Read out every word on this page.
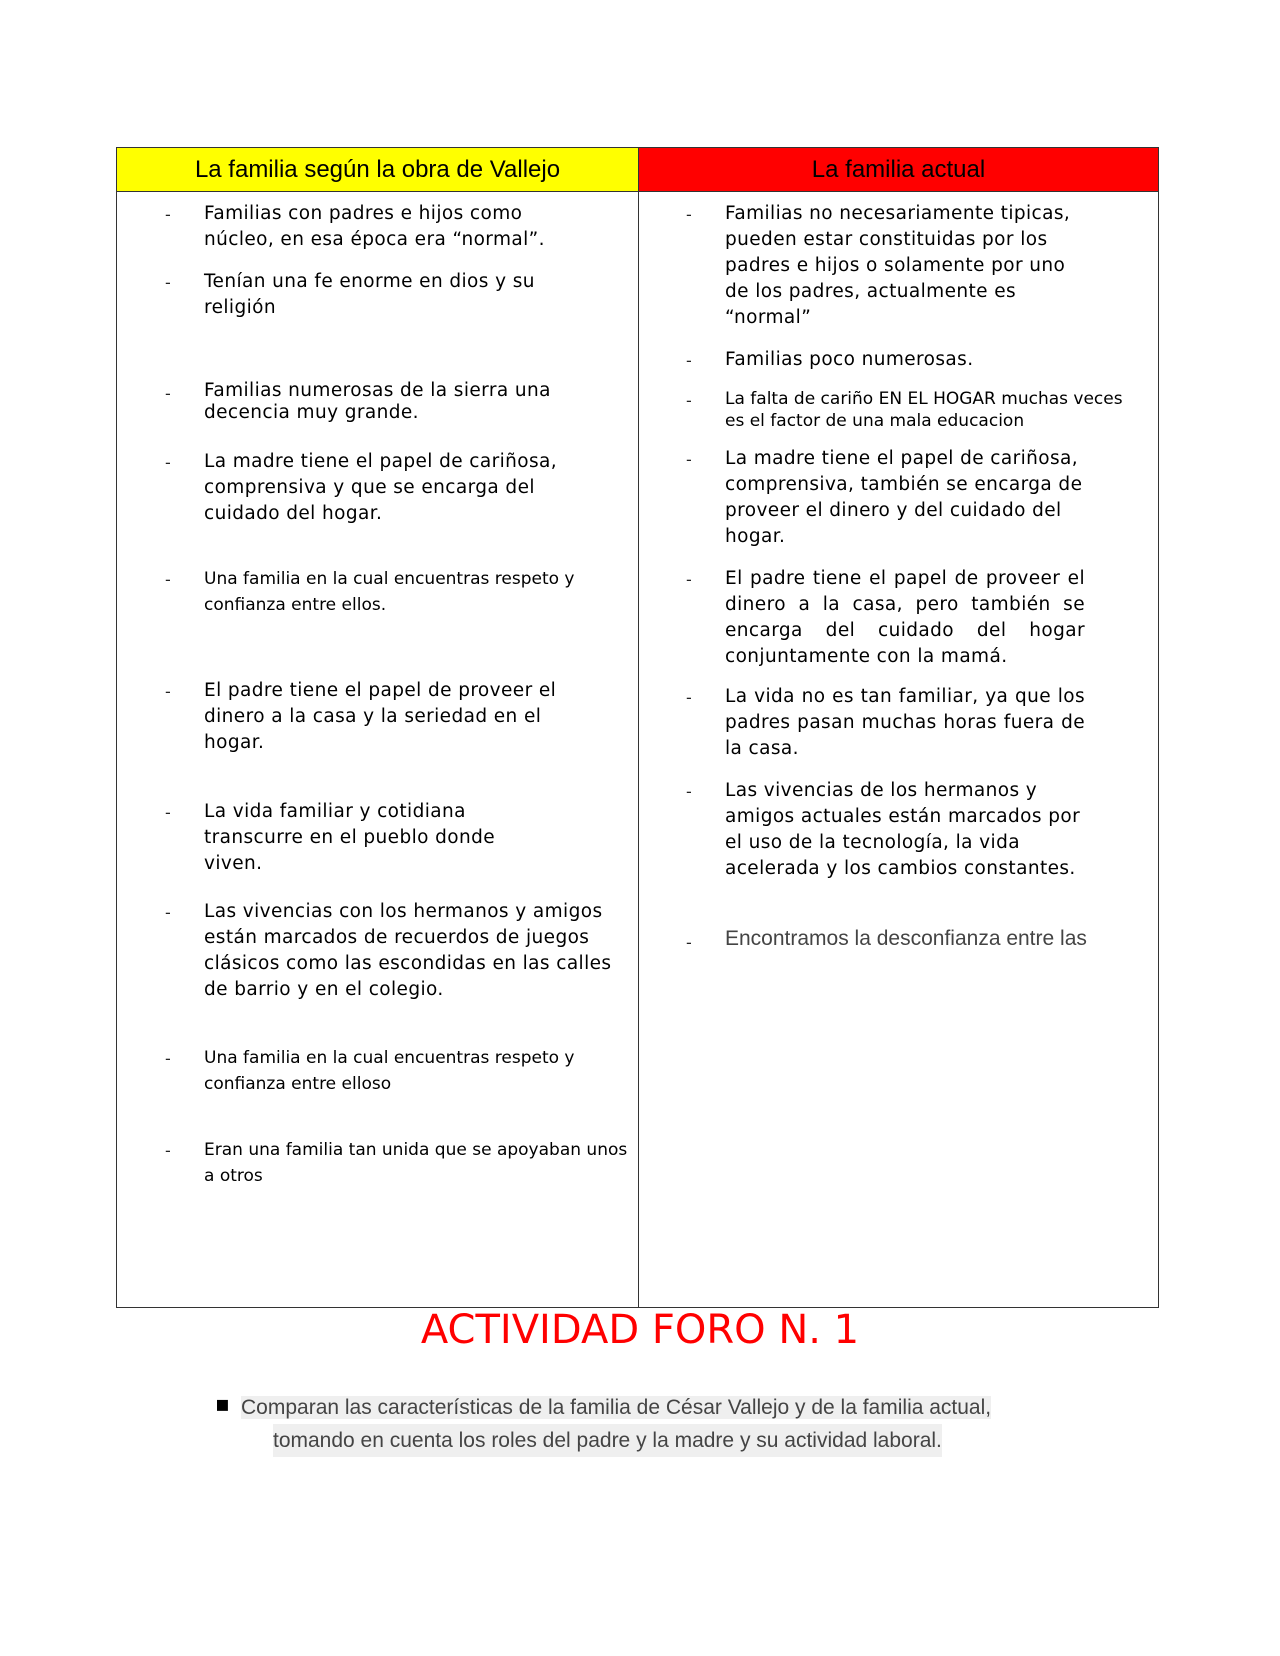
La familia según la obra de Vallejo
- Familias con padres e hijos como núcleo, en esa época era “normal”.
- Tenían una fe enorme en dios y su religión
- Familias numerosas de la sierra una decencia muy grande.
- La madre tiene el papel de cariñosa, comprensiva y que se encarga del cuidado del hogar.
- Una familia en la cual encuentras respeto y confianza entre ellos.
- El padre tiene el papel de proveer el dinero a la casa y la seriedad en el hogar.
- La vida familiar y cotidiana transcurre en el pueblo donde viven.
- Las vivencias con los hermanos y amigos están marcados de recuerdos de juegos clásicos como las escondidas en las calles de barrio y en el colegio.
- Una familia en la cual encuentras respeto y confianza entre elloso
- Eran una familia tan unida que se apoyaban unos a otros
La familia actual
- Familias no necesariamente tipicas, pueden estar constituidas por los padres e hijos o solamente por uno de los padres, actualmente es “normal”
- Familias poco numerosas.
- La falta de cariño EN EL HOGAR muchas veces es el factor de una mala educacion
- La madre tiene el papel de cariñosa, comprensiva, también se encarga de proveer el dinero y del cuidado del hogar.
- El padre tiene el papel de proveer el dinero a la casa, pero también se encarga del cuidado del hogar conjuntamente con la mamá.
- La vida no es tan familiar, ya que los padres pasan muchas horas fuera de la casa.
- Las vivencias de los hermanos y amigos actuales están marcados por el uso de la tecnología, la vida acelerada y los cambios constantes.
- Encontramos la desconfianza entre las
ACTIVIDAD FORO N. 1
▪ Comparan las características de la familia de César Vallejo y de la familia actual,
tomando en cuenta los roles del padre y la madre y su actividad laboral.
